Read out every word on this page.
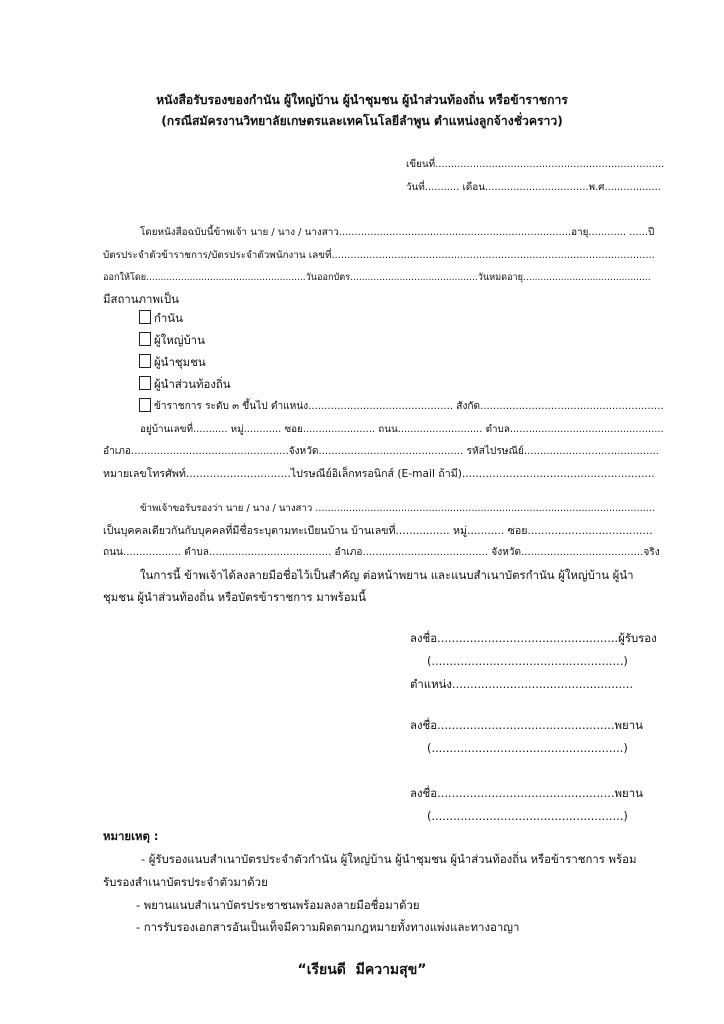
หนังสือรับรองของกำนัน ผู้ใหญ่บ้าน ผู้นำชุมชน ผู้นำส่วนท้องถิ่น หรือข้าราชการ
(กรณีสมัครงานวิทยาลัยเกษตรและเทคโนโลยีลำพูน ตำแหน่งลูกจ้างชั่วคราว)
เขียนที่.........................................................................
วันที่........... เดือน.................................พ.ศ..................
โดยหนังสือฉบับนี้ข้าพเจ้า นาย / นาง / นางสาว..........................................................................อายุ............ ......ปี
บัตรประจำตัวข้าราชการ/บัตรประจำตัวพนักงาน เลขที่.......................................................................................................
ออกให้โดย.......................................................วันออกบัตร............................................วันหมดอายุ............................................
มีสถานภาพเป็น
กำนัน
ผู้ใหญ่บ้าน
ผู้นำชุมชน
ผู้นำส่วนท้องถิ่น
ข้าราชการ ระดับ ๓ ขึ้นไป ตำแหน่ง............................................. สังกัด.........................................................
อยู่บ้านเลขที่........... หมู่............ ซอย....................... ถนน........................... ตำบล.................................................
อำเภอ.................................................จังหวัด............................................. รหัสไปรษณีย์..........................................
หมายเลขโทรศัพท์...............................ไปรษณีย์อิเล็กทรอนิกส์ (E-mail ถ้ามี).........................................................
ข้าพเจ้าขอรับรองว่า นาย / นาง / นางสาว ...............................................................................................................
เป็นบุคคลเดียวกันกับบุคคลที่มีชื่อระบุตามทะเบียนบ้าน บ้านเลขที่................ หมู่........... ซอย.....................................
ถนน.................. ตำบล...................................... อำเภอ....................................... จังหวัด......................................จริง
ในการนี้ ข้าพเจ้าได้ลงลายมือชื่อไว้เป็นสำคัญ ต่อหน้าพยาน และแนบสำเนาบัตรกำนัน ผู้ใหญ่บ้าน ผู้นำ
ชุมชน ผู้นำส่วนท้องถิ่น หรือบัตรข้าราชการ มาพร้อมนี้
ลงชื่อ..................................................ผู้รับรอง
(.....................................................)
ตำแหน่ง..................................................
ลงชื่อ.................................................พยาน
(.....................................................)
ลงชื่อ.................................................พยาน
(.....................................................)
หมายเหตุ :
- ผู้รับรองแนบสำเนาบัตรประจำตัวกำนัน ผู้ใหญ่บ้าน ผู้นำชุมชน ผู้นำส่วนท้องถิ่น หรือข้าราชการ พร้อม
รับรองสำเนาบัตรประจำตัวมาด้วย
- พยานแนบสำเนาบัตรประชาชนพร้อมลงลายมือชื่อมาด้วย
- การรับรองเอกสารอันเป็นเท็จมีความผิดตามกฎหมายทั้งทางแพ่งและทางอาญา
“เรียนดี  มีความสุข”
